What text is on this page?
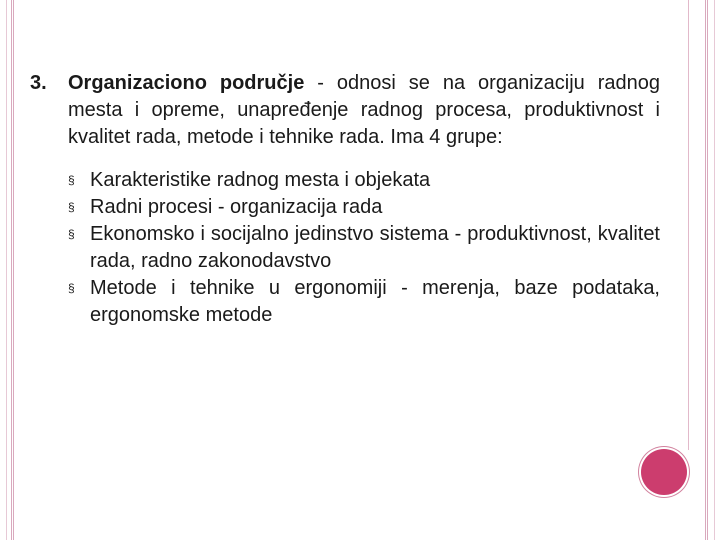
3.	Organizaciono područje - odnosi se na organizaciju radnog mesta i opreme, unapređenje radnog procesa, produktivnost i kvalitet rada, metode i tehnike rada. Ima 4 grupe:
§ Karakteristike radnog mesta i objekata
§ Radni procesi - organizacija rada
§ Ekonomsko i socijalno jedinstvo sistema - produktivnost, kvalitet rada, radno zakonodavstvo
§ Metode i tehnike u ergonomiji - merenja, baze podataka, ergonomske metode
